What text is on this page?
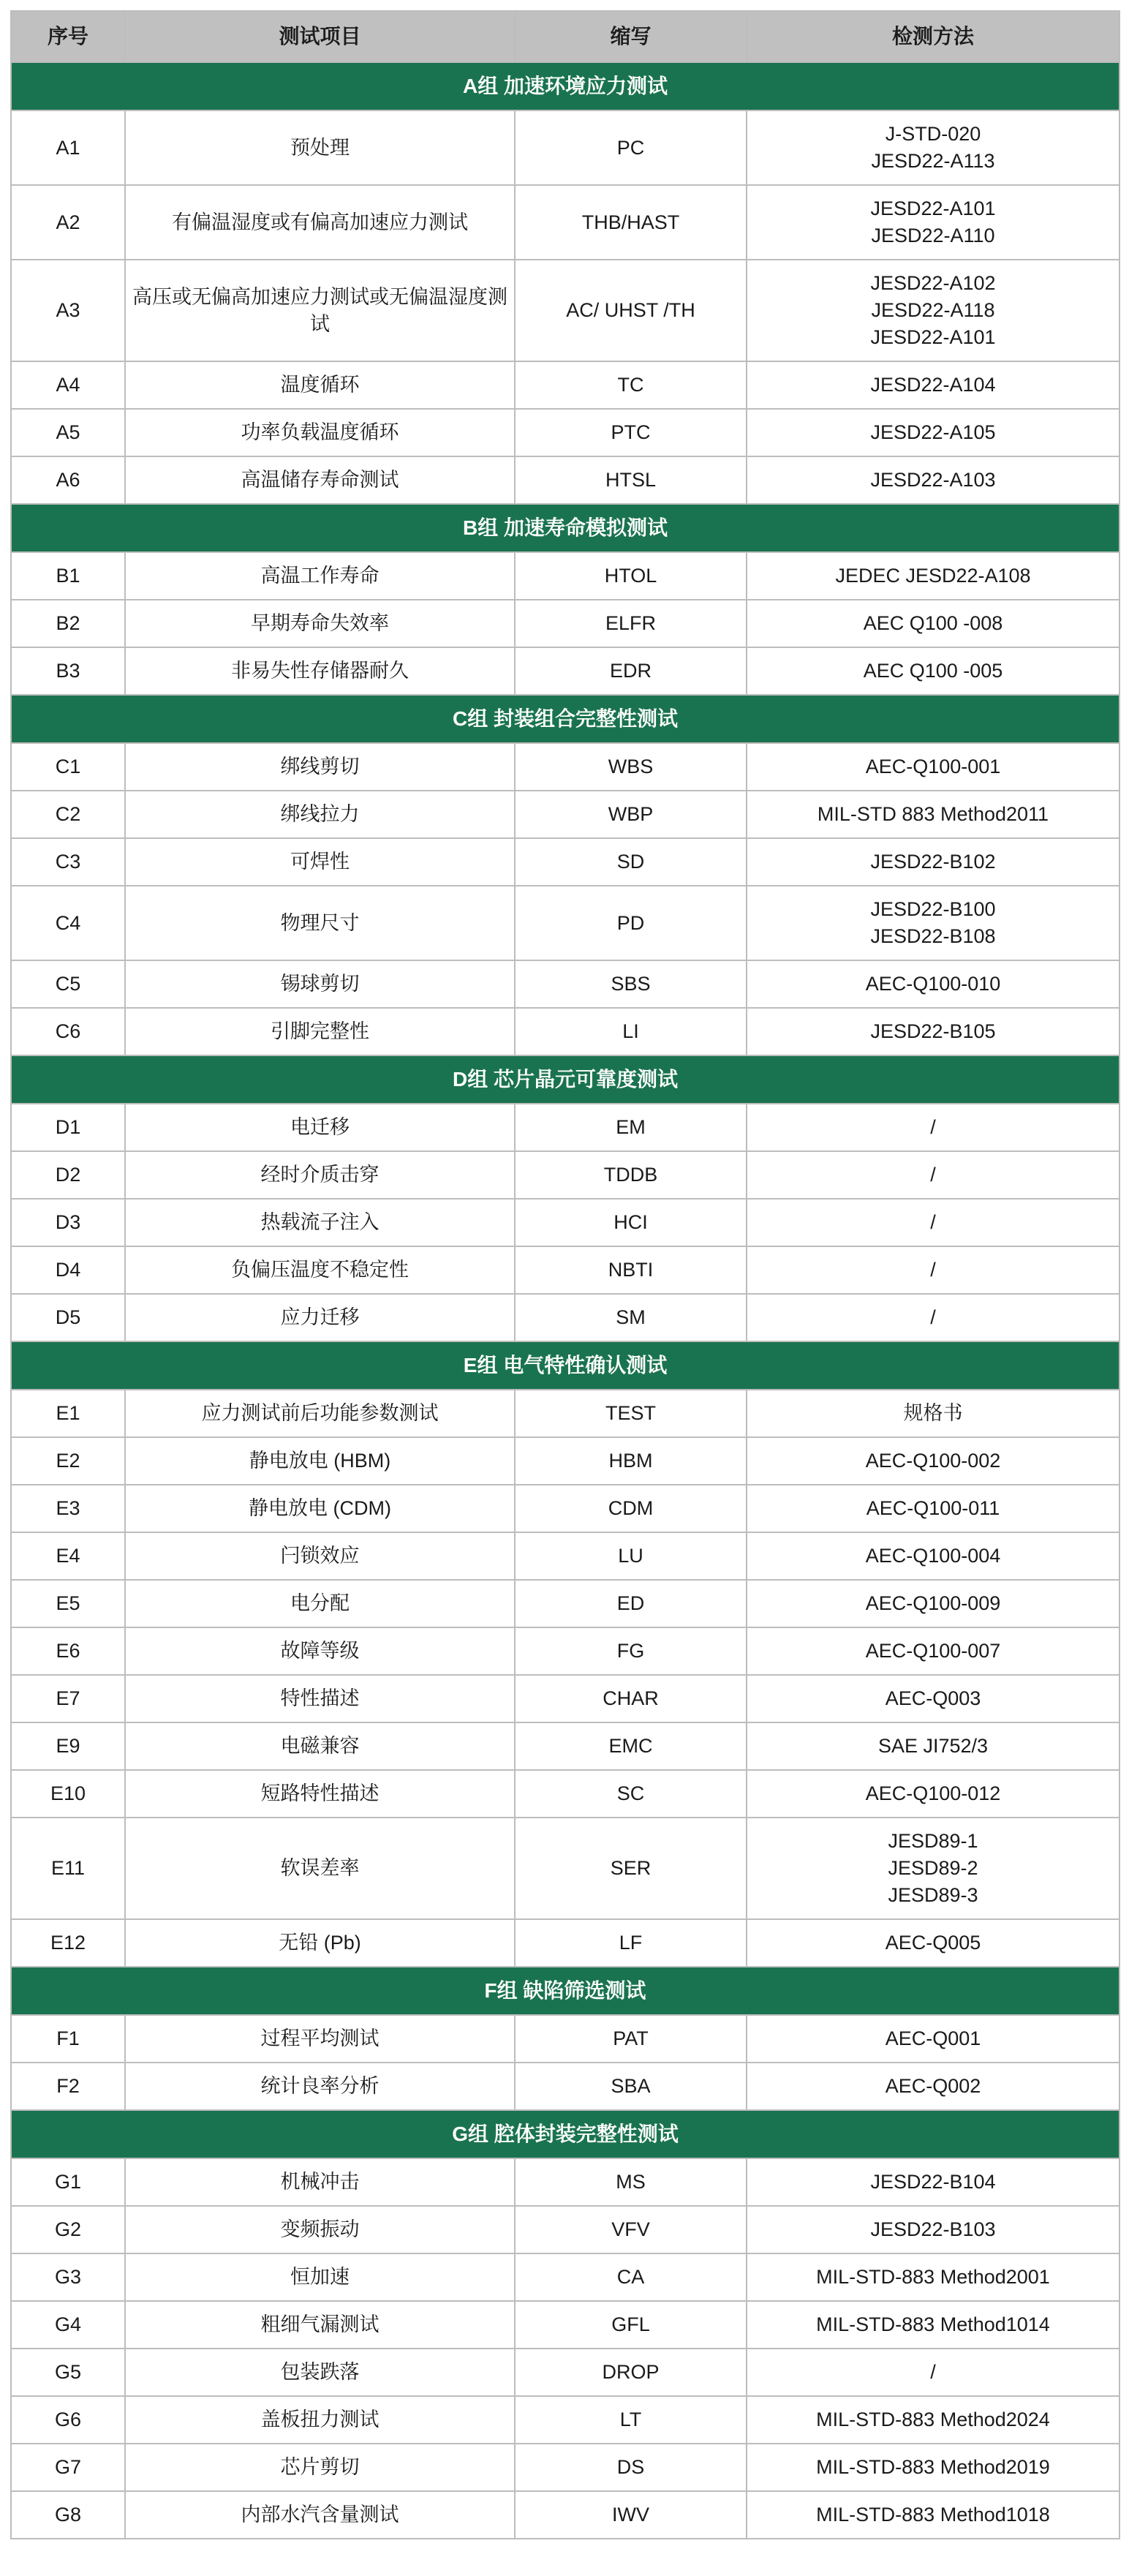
序号	测试项目	缩写	检测方法
A组 加速环境应力测试			
A1	预处理	PC	J-STD-020
JESD22-A113

A2	有偏温湿度或有偏高加速应力测试	THB/HAST	JESD22-A101
JESD22-A110

A3	高压或无偏高加速应力测试或无偏温湿度测试	AC/ UHST /TH	JESD22-A102
JESD22-A118
JESD22-A101

A4	温度循环	TC	JESD22-A104

A5	功率负载温度循环	PTC	JESD22-A105

A6	高温储存寿命测试	HTSL	JESD22-A103

B组 加速寿命模拟测试			
B1	高温工作寿命	HTOL	JEDEC JESD22-A108

B2	早期寿命失效率	ELFR	AEC Q100 -008

B3	非易失性存储器耐久	EDR	AEC Q100 -005

C组 封装组合完整性测试			
C1	绑线剪切	WBS	AEC-Q100-001

C2	绑线拉力	WBP	MIL-STD 883 Method2011

C3	可焊性	SD	JESD22-B102

C4	物理尺寸	PD	JESD22-B100
JESD22-B108

C5	锡球剪切	SBS	AEC-Q100-010

C6	引脚完整性	LI	JESD22-B105

D组 芯片晶元可靠度测试			
D1	电迁移	EM	/

D2	经时介质击穿	TDDB	/

D3	热载流子注入	HCI	/

D4	负偏压温度不稳定性	NBTI	/

D5	应力迁移	SM	/

E组 电气特性确认测试			
E1	应力测试前后功能参数测试	TEST	规格书

E2	静电放电 (HBM)	HBM	AEC-Q100-002

E3	静电放电 (CDM)	CDM	AEC-Q100-011

E4	闩锁效应	LU	AEC-Q100-004

E5	电分配	ED	AEC-Q100-009

E6	故障等级	FG	AEC-Q100-007

E7	特性描述	CHAR	AEC-Q003

E9	电磁兼容	EMC	SAE JI752/3

E10	短路特性描述	SC	AEC-Q100-012

E11	软误差率	SER	JESD89-1
JESD89-2
JESD89-3

E12	无铅 (Pb)	LF	AEC-Q005

F组 缺陷筛选测试			
F1	过程平均测试	PAT	AEC-Q001

F2	统计良率分析	SBA	AEC-Q002

G组 腔体封装完整性测试			
G1	机械冲击	MS	JESD22-B104

G2	变频振动	VFV	JESD22-B103

G3	恒加速	CA	MIL-STD-883 Method2001

G4	粗细气漏测试	GFL	MIL-STD-883 Method1014

G5	包装跌落	DROP	/

G6	盖板扭力测试	LT	MIL-STD-883 Method2024

G7	芯片剪切	DS	MIL-STD-883 Method2019

G8	内部水汽含量测试	IWV	MIL-STD-883 Method1018
